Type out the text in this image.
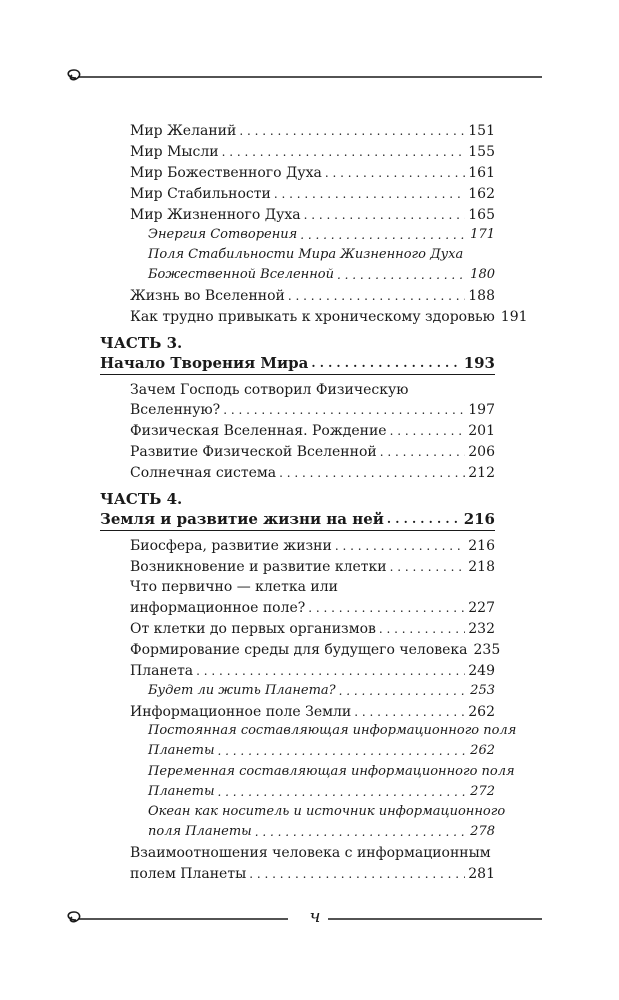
Мир Желаний . . .	151
Мир Мысли . . .	155
Мир Божественного Духа . . .	161
Мир Стабильности . . .	162
Мир Жизненного Духа . . .	165
Энергия Сотворения . . .	171
Поля Стабильности Мира Жизненного Духа
Божественной Вселенной . . .	180
Жизнь во Вселенной . . .	188
Как трудно привыкать к хроническому здоровью 191
ЧАСТЬ 3.
Начало Творения Мира . . .	193
Зачем Господь сотворил Физическую
Вселенную? . . .	197
Физическая Вселенная. Рождение . . .	201
Развитие Физической Вселенной . . .	206
Солнечная система . . .	212
ЧАСТЬ 4.
Земля и развитие жизни на ней . . .	216
Биосфера, развитие жизни . . .	216
Возникновение и развитие клетки . . .	218
Что первично — клетка или
информационное поле? . . .	227
От клетки до первых организмов . . .	232
Формирование среды для будущего человека 235
Планета . . .	249
Будет ли жить Планета? . . .	253
Информационное поле Земли . . .	262
Постоянная составляющая информационного поля
Планеты . . .	262
Переменная составляющая информационного поля
Планеты . . .	272
Океан как носитель и источник информационного
поля Планеты . . .	278
Взаимоотношения человека с информационным
полем Планеты . . .	281
ч
